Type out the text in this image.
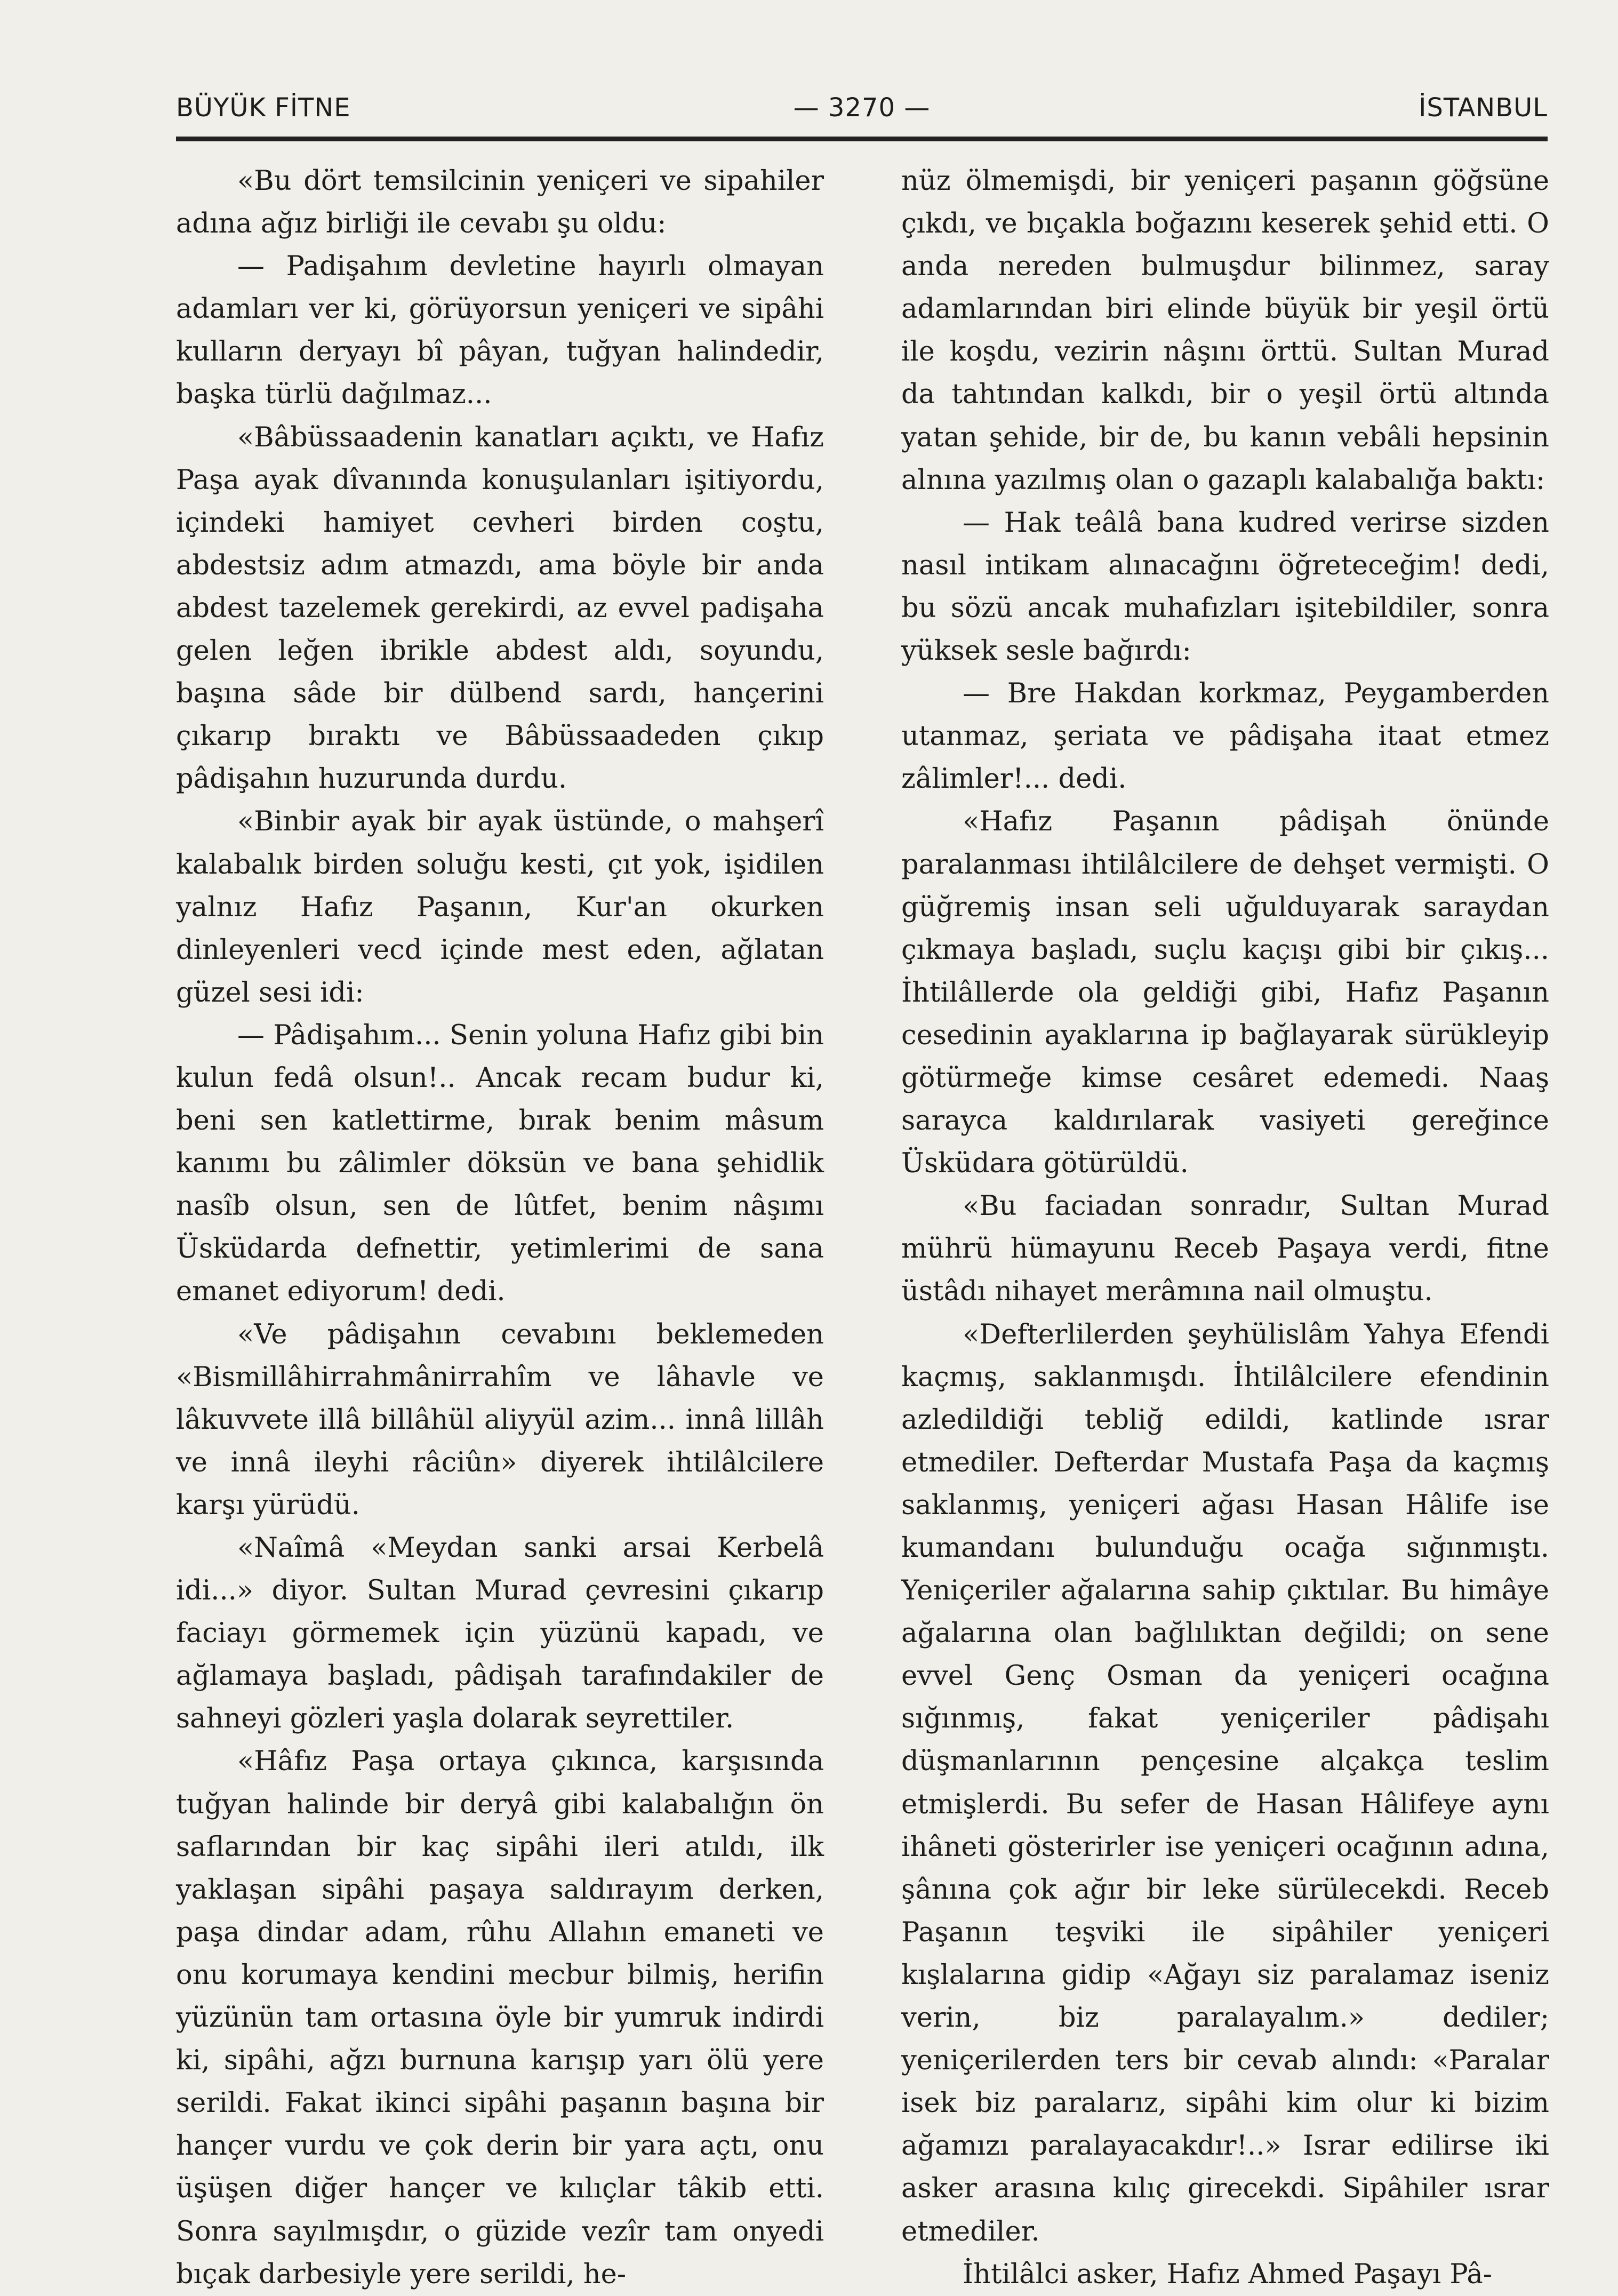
BÜYÜK FİTNE	— 3270 —	İSTANBUL

«Bu dört temsilcinin yeniçeri ve sipahiler adına ağız birliği ile cevabı şu oldu:

— Padişahım devletine hayırlı olmayan adamları ver ki, görüyorsun yeniçeri ve sipâhi kulların deryayı bî pâyan, tuğyan halindedir, başka türlü dağılmaz...

«Bâbüssaadenin kanatları açıktı, ve Hafız Paşa ayak dîvanında konuşulanları işitiyordu, içindeki hamiyet cevheri birden coştu, abdestsiz adım atmazdı, ama böyle bir anda abdest tazelemek gerekirdi, az evvel padişaha gelen leğen ibrikle abdest aldı, soyundu, başına sâde bir dülbend sardı, hançerini çıkarıp bıraktı ve Bâbüssaadeden çıkıp pâdişahın huzurunda durdu.

«Binbir ayak bir ayak üstünde, o mahşerî kalabalık birden soluğu kesti, çıt yok, işidilen yalnız Hafız Paşanın, Kur'an okurken dinleyenleri vecd içinde mest eden, ağlatan güzel sesi idi:

— Pâdişahım... Senin yoluna Hafız gibi bin kulun fedâ olsun!.. Ancak recam budur ki, beni sen katlettirme, bırak benim mâsum kanımı bu zâlimler döksün ve bana şehidlik nasîb olsun, sen de lûtfet, benim nâşımı Üsküdarda defnettir, yetimlerimi de sana emanet ediyorum! dedi.

«Ve pâdişahın cevabını beklemeden «Bismillâhirrahmânirrahîm ve lâhavle ve lâkuvvete illâ billâhül aliyyül azim... innâ lillâh ve innâ ileyhi râciûn» diyerek ihtilâlcilere karşı yürüdü.

«Naîmâ «Meydan sanki arsai Kerbelâ idi...» diyor. Sultan Murad çevresini çıkarıp faciayı görmemek için yüzünü kapadı, ve ağlamaya başladı, pâdişah tarafındakiler de sahneyi gözleri yaşla dolarak seyrettiler.

«Hâfız Paşa ortaya çıkınca, karşısında tuğyan halinde bir deryâ gibi kalabalığın ön saflarından bir kaç sipâhi ileri atıldı, ilk yaklaşan sipâhi paşaya saldırayım derken, paşa dindar adam, rûhu Allahın emaneti ve onu korumaya kendini mecbur bilmiş, herifin yüzünün tam ortasına öyle bir yumruk indirdi ki, sipâhi, ağzı burnuna karışıp yarı ölü yere serildi. Fakat ikinci sipâhi paşanın başına bir hançer vurdu ve çok derin bir yara açtı, onu üşüşen diğer hançer ve kılıçlar tâkib etti. Sonra sayılmışdır, o güzide vezîr tam onyedi bıçak darbesiyle yere serildi, he-

nüz ölmemişdi, bir yeniçeri paşanın göğsüne çıkdı, ve bıçakla boğazını keserek şehid etti. O anda nereden bulmuşdur bilinmez, saray adamlarından biri elinde büyük bir yeşil örtü ile koşdu, vezirin nâşını örttü. Sultan Murad da tahtından kalkdı, bir o yeşil örtü altında yatan şehide, bir de, bu kanın vebâli hepsinin alnına yazılmış olan o gazaplı kalabalığa baktı:

— Hak teâlâ bana kudred verirse sizden nasıl intikam alınacağını öğreteceğim! dedi, bu sözü ancak muhafızları işitebildiler, sonra yüksek sesle bağırdı:

— Bre Hakdan korkmaz, Peygamberden utanmaz, şeriata ve pâdişaha itaat etmez zâlimler!... dedi.

«Hafız Paşanın pâdişah önünde paralanması ihtilâlcilere de dehşet vermişti. O güğremiş insan seli uğulduyarak saraydan çıkmaya başladı, suçlu kaçışı gibi bir çıkış... İhtilâllerde ola geldiği gibi, Hafız Paşanın cesedinin ayaklarına ip bağlayarak sürükleyip götürmeğe kimse cesâret edemedi. Naaş sarayca kaldırılarak vasiyeti gereğince Üsküdara götürüldü.

«Bu faciadan sonradır, Sultan Murad mührü hümayunu Receb Paşaya verdi, fitne üstâdı nihayet merâmına nail olmuştu.

«Defterlilerden şeyhülislâm Yahya Efendi kaçmış, saklanmışdı. İhtilâlcilere efendinin azledildiği tebliğ edildi, katlinde ısrar etmediler. Defterdar Mustafa Paşa da kaçmış saklanmış, yeniçeri ağası Hasan Hâlife ise kumandanı bulunduğu ocağa sığınmıştı. Yeniçeriler ağalarına sahip çıktılar. Bu himâye ağalarına olan bağlılıktan değildi; on sene evvel Genç Osman da yeniçeri ocağına sığınmış, fakat yeniçeriler pâdişahı düşmanlarının pençesine alçakça teslim etmişlerdi. Bu sefer de Hasan Hâlifeye aynı ihâneti gösterirler ise yeniçeri ocağının adına, şânına çok ağır bir leke sürülecekdi. Receb Paşanın teşviki ile sipâhiler yeniçeri kışlalarına gidip «Ağayı siz paralamaz iseniz verin, biz paralayalım.» dediler; yeniçerilerden ters bir cevab alındı: «Paralar isek biz paralarız, sipâhi kim olur ki bizim ağamızı paralayacakdır!..» Israr edilirse iki asker arasına kılıç girecekdi. Sipâhiler ısrar etmediler.

İhtilâlci asker, Hafız Ahmed Paşayı Pâ-
